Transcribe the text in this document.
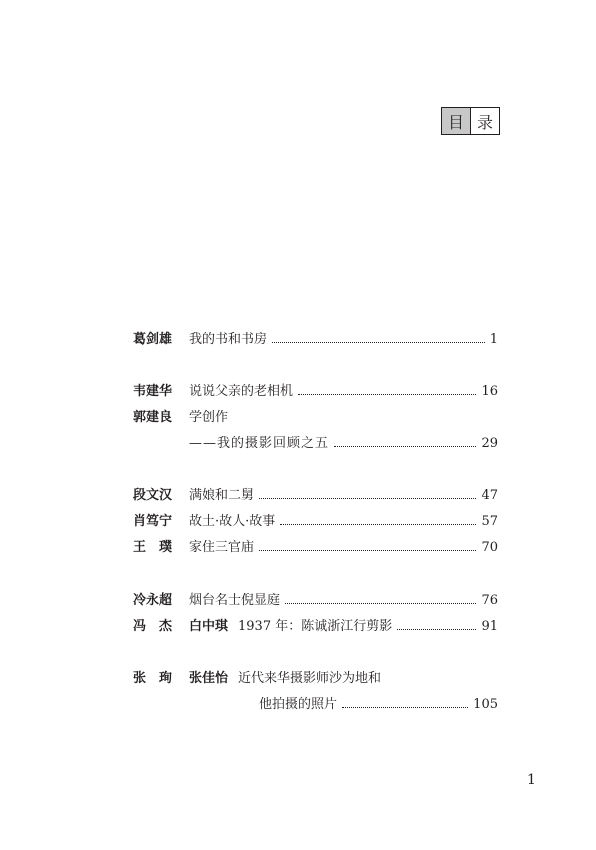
目 录
葛剑雄	我的书和书房	1
韦建华	说说父亲的老相机	16
郭建良	学创作
——我的摄影回顾之五	29
段文汉	满娘和二舅	47
肖笃宁	故土·故人·故事	57
王　璞	家住三官庙	70
冷永超	烟台名士倪显庭	76
冯　杰	白中琪 1937 年：陈诚浙江行剪影	91
张　珣	张佳怡 近代来华摄影师沙为地和
他拍摄的照片	105
1
